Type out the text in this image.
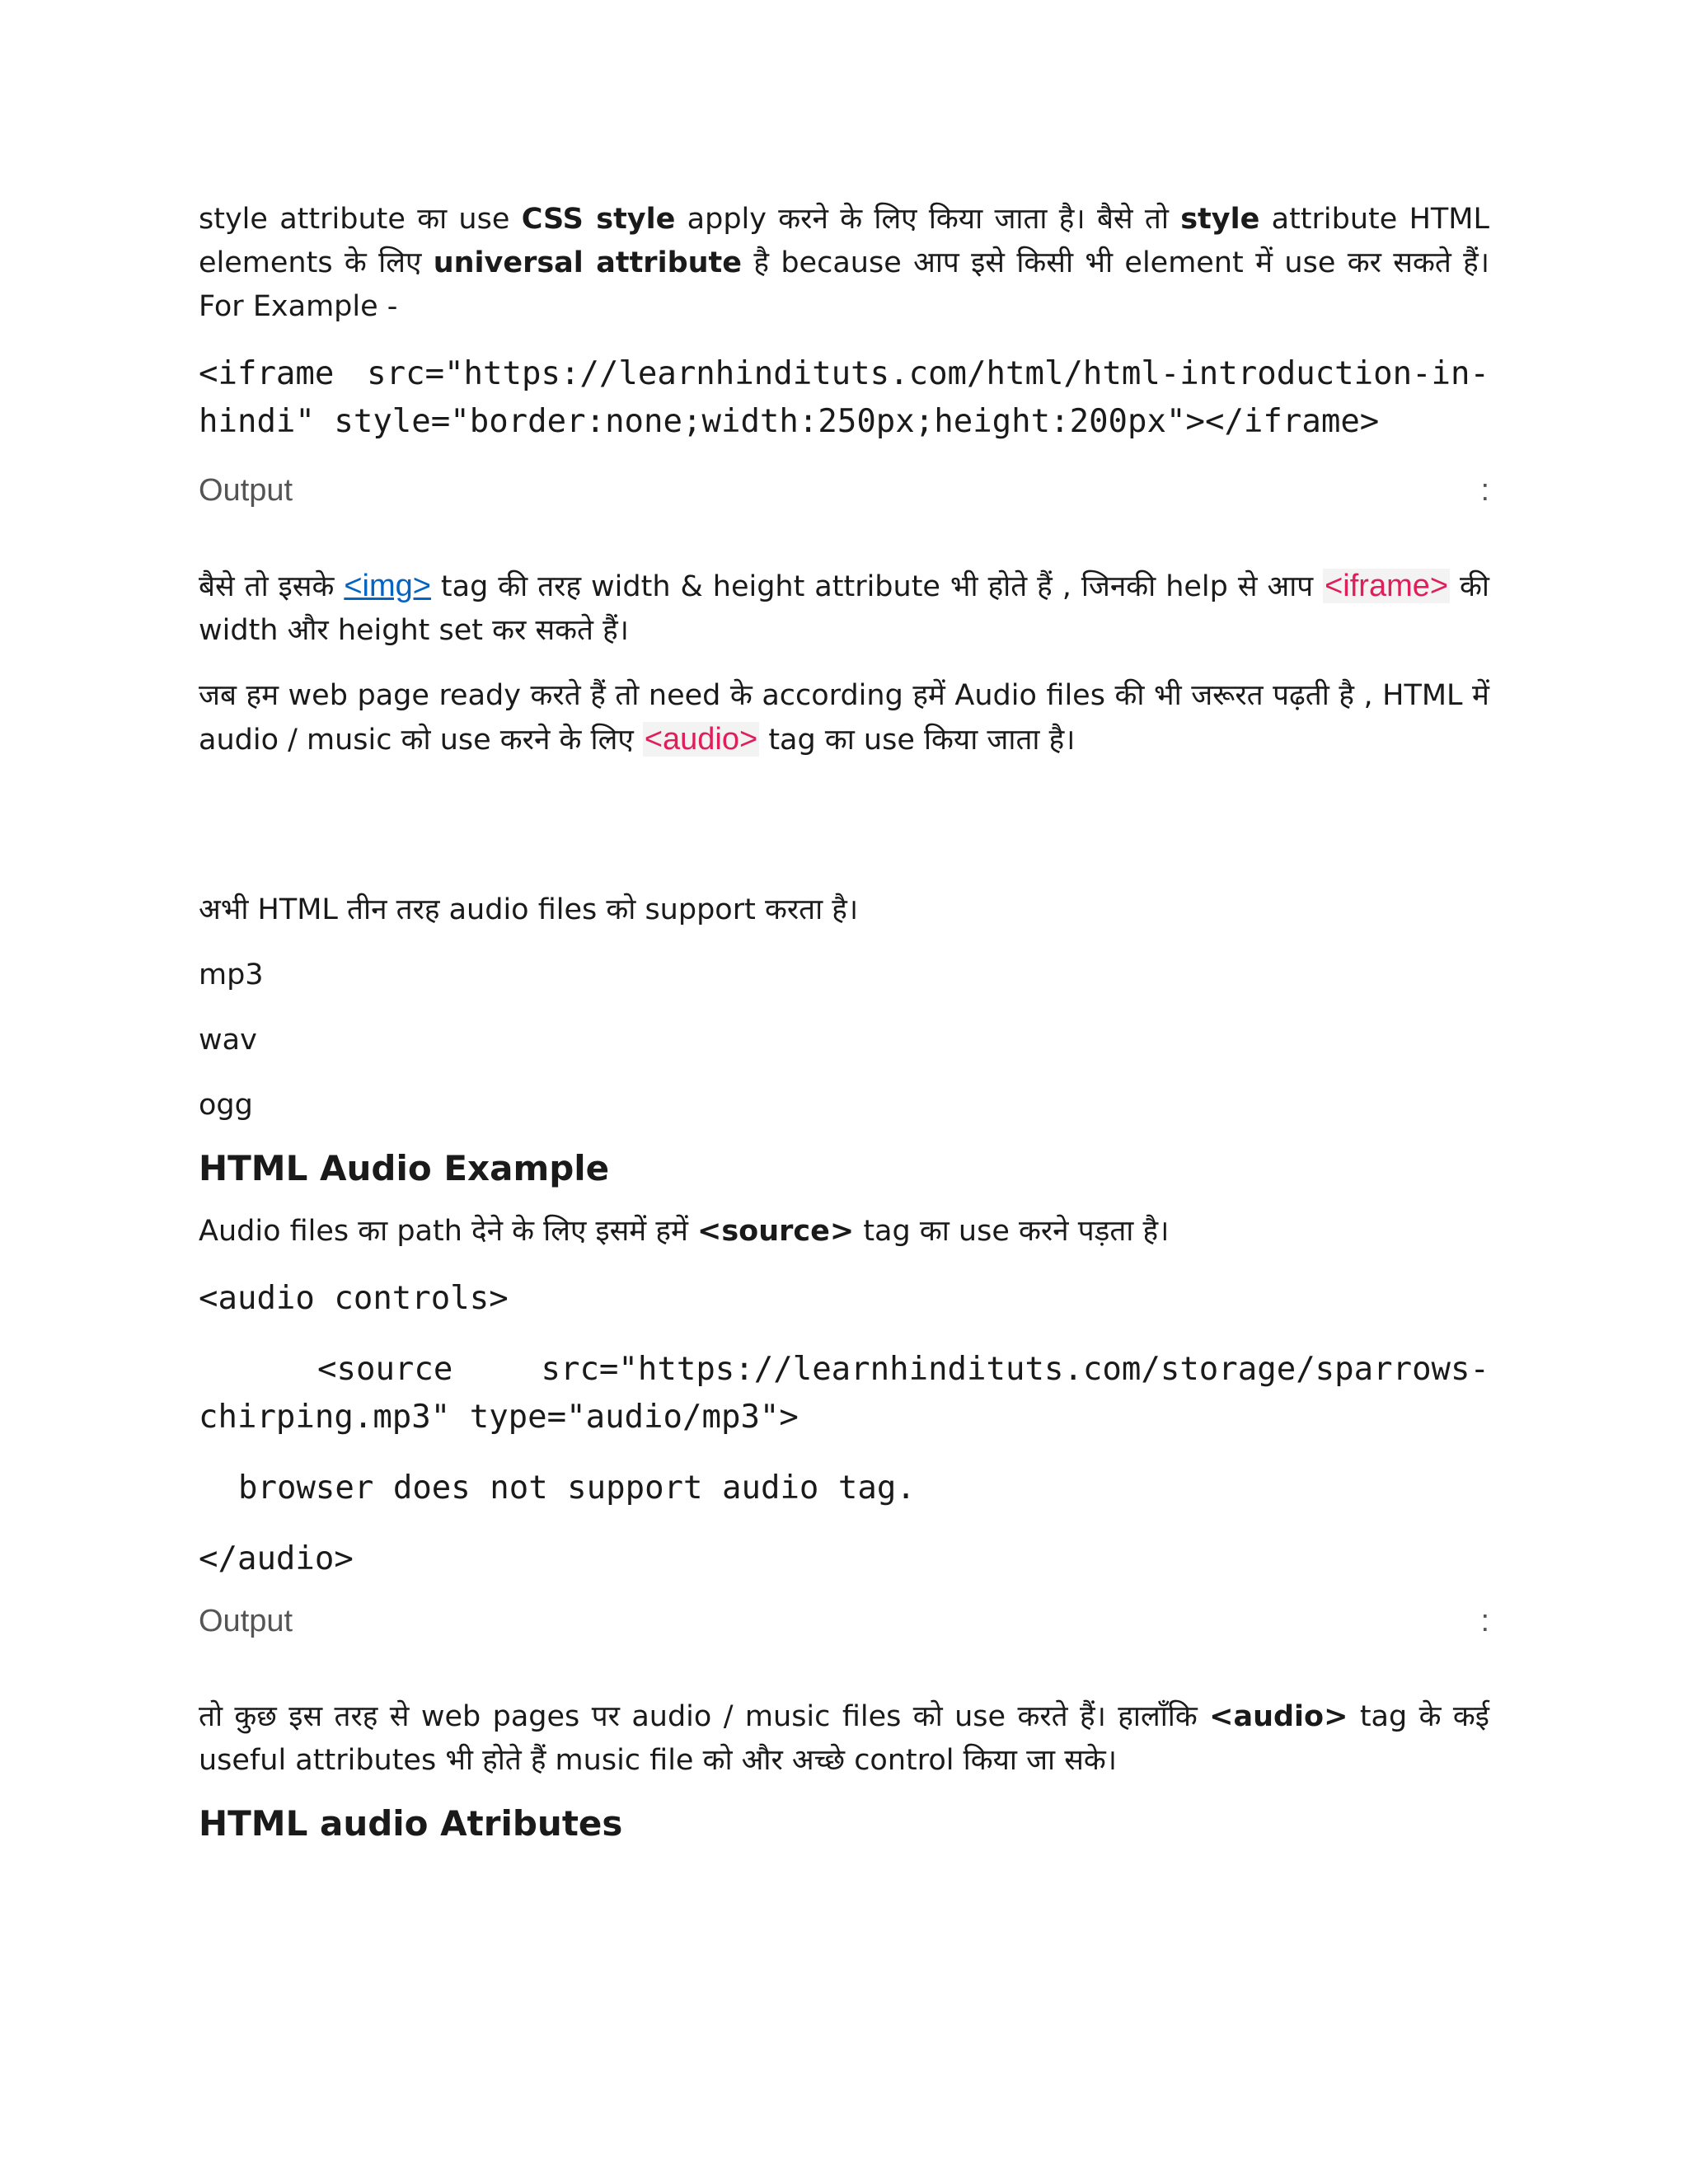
style attribute का use CSS style apply करने के लिए किया जाता है। बैसे तो style attribute HTML elements के लिए universal attribute है because आप इसे किसी भी element में use कर सकते हैं। For Example -

<iframe src="https://learnhindituts.com/html/html-introduction-in-hindi" style="border:none;width:250px;height:200px"></iframe>

Output	:

बैसे तो इसके <img> tag की तरह width & height attribute भी होते हैं , जिनकी help से आप <iframe> की width और height set कर सकते हैं।

जब हम web page ready करते हैं तो need के according हमें Audio files की भी जरूरत पढ़ती है , HTML में audio / music को use करने के लिए <audio> tag का use किया जाता है।

अभी HTML तीन तरह audio files को support करता है।

mp3

wav

ogg

HTML Audio Example

Audio files का path देने के लिए इसमें हमें <source> tag का use करने पड़ता है।

<audio controls>

<source src="https://learnhindituts.com/storage/sparrows-chirping.mp3" type="audio/mp3">

browser does not support audio tag.

</audio>

Output	:

तो कुछ इस तरह से web pages पर audio / music files को use करते हैं। हालाँकि <audio> tag के कई useful attributes भी होते हैं music file को और अच्छे control किया जा सके।

HTML audio Atributes
